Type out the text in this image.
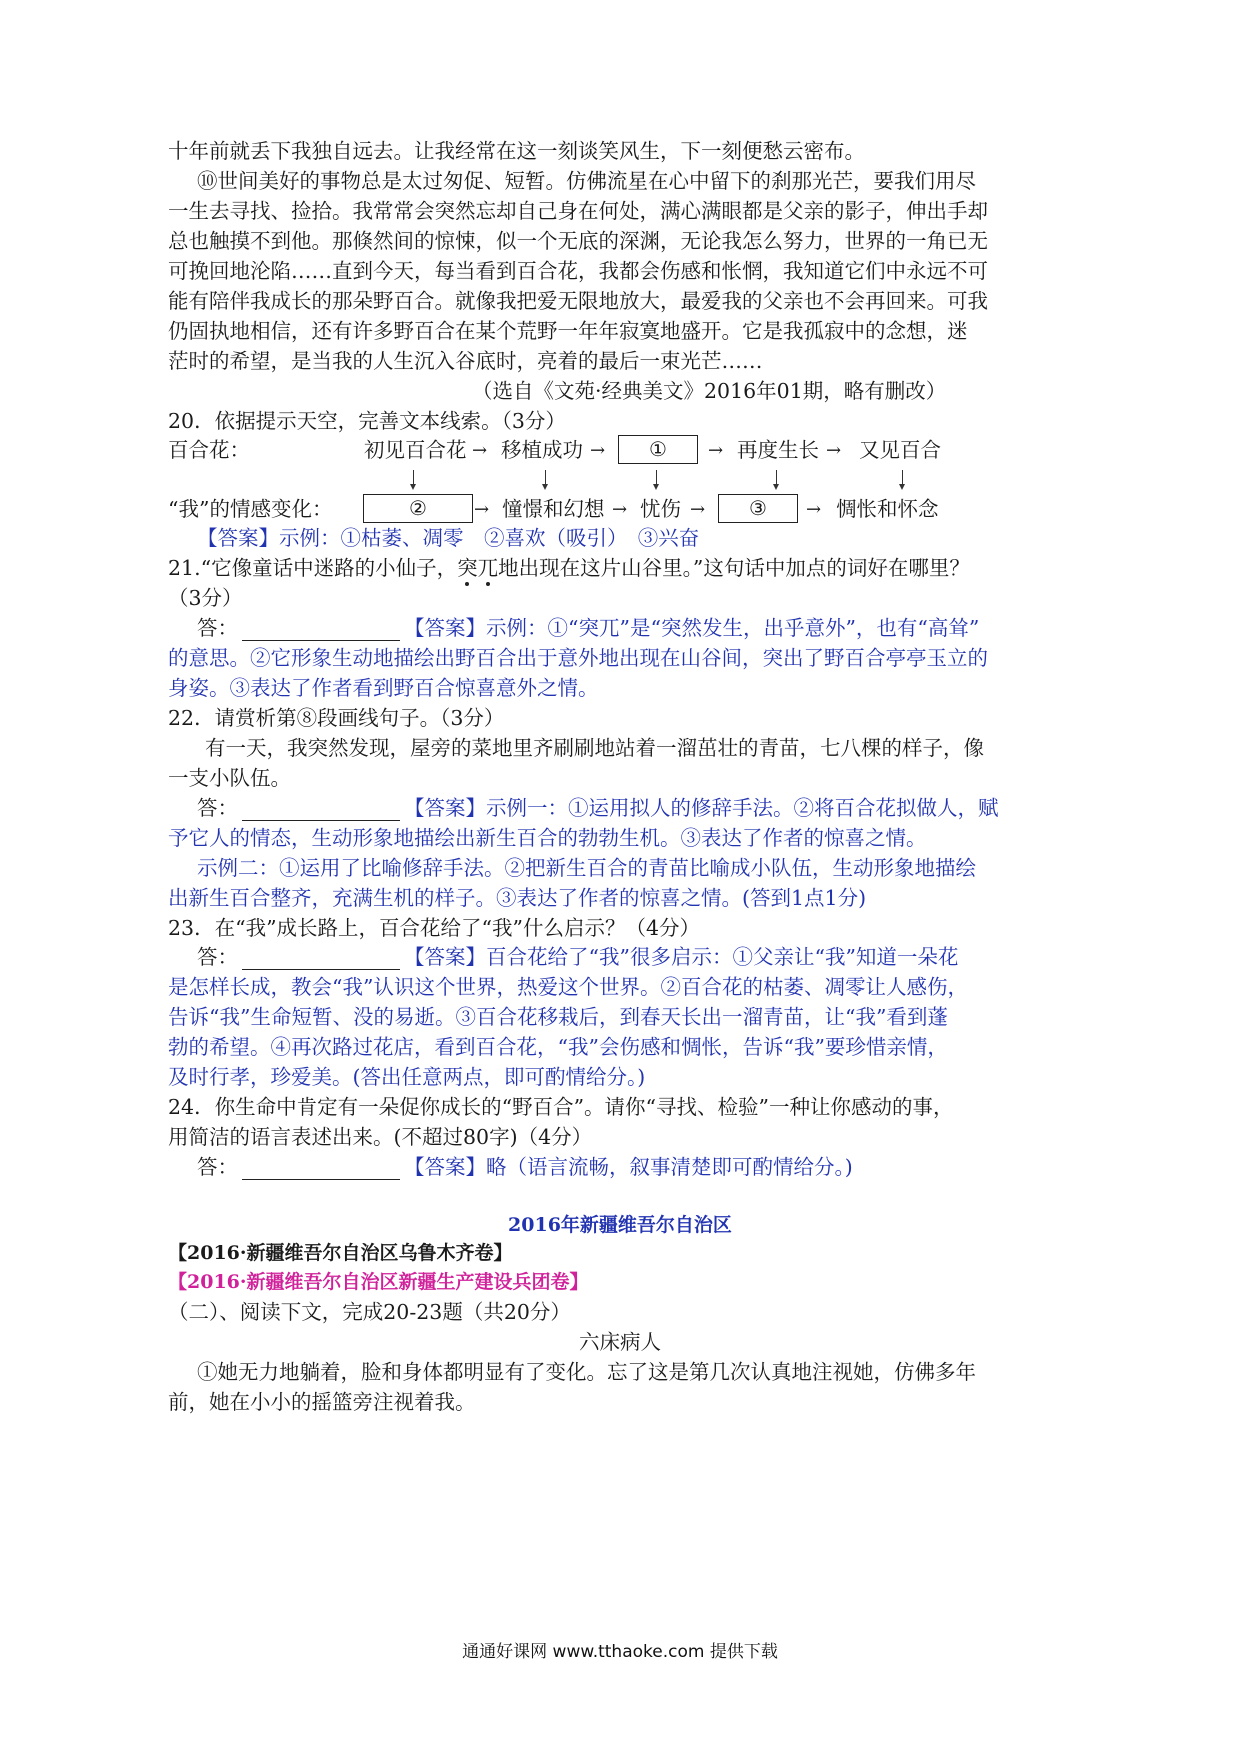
十年前就丢下我独自远去。让我经常在这一刻谈笑风生，下一刻便愁云密布。
⑩世间美好的事物总是太过匆促、短暂。仿佛流星在心中留下的刹那光芒，要我们用尽
一生去寻找、捡拾。我常常会突然忘却自己身在何处，满心满眼都是父亲的影子，伸出手却
总也触摸不到他。那倏然间的惊悚，似一个无底的深渊，无论我怎么努力，世界的一角已无
可挽回地沦陷……直到今天，每当看到百合花，我都会伤感和怅惘，我知道它们中永远不可
能有陪伴我成长的那朵野百合。就像我把爱无限地放大，最爱我的父亲也不会再回来。可我
仍固执地相信，还有许多野百合在某个荒野一年年寂寞地盛开。它是我孤寂中的念想，迷
茫时的希望，是当我的人生沉入谷底时，亮着的最后一束光芒……
（选自《文苑·经典美文》2016年01期，略有删改）
20．依据提示天空，完善文本线索。（3分）
百合花：	初见百合花 → 移植成功 →	①	→ 再度生长 → 又见百合
“我”的情感变化：	②	→ 憧憬和幻想 → 忧伤 →	③	→ 惆怅和怀念
【答案】示例：①枯萎、凋零　②喜欢（吸引）　③兴奋
21.“它像童话中迷路的小仙子，突兀
地出现在这片山谷里。”这句话中加点的词好在哪里？
（3分）
答：	【答案】示例：①“突兀”是“突然发生，出乎意外”，也有“高耸”
的意思。②它形象生动地描绘出野百合出于意外地出现在山谷间，突出了野百合亭亭玉立的
身姿。③表达了作者看到野百合惊喜意外之情。
22．请赏析第⑧段画线句子。（3分）
有一天，我突然发现，屋旁的菜地里齐刷刷地站着一溜茁壮的青苗，七八棵的样子，像
一支小队伍。
答：	【答案】示例一：①运用拟人的修辞手法。②将百合花拟做人，赋
予它人的情态，生动形象地描绘出新生百合的勃勃生机。③表达了作者的惊喜之情。
示例二：①运用了比喻修辞手法。②把新生百合的青苗比喻成小队伍，生动形象地描绘
出新生百合整齐，充满生机的样子。③表达了作者的惊喜之情。(答到1点1分)
23．在“我”成长路上，百合花给了“我”什么启示？（4分）
答：	【答案】百合花给了“我”很多启示：①父亲让“我”知道一朵花
是怎样长成，教会“我”认识这个世界，热爱这个世界。②百合花的枯萎、凋零让人感伤，
告诉“我”生命短暂、没的易逝。③百合花移栽后，到春天长出一溜青苗，让“我”看到蓬
勃的希望。④再次路过花店，看到百合花，“我”会伤感和惆怅，告诉“我”要珍惜亲情，
及时行孝，珍爱美。(答出任意两点，即可酌情给分。)
24．你生命中肯定有一朵促你成长的“野百合”。请你“寻找、检验”一种让你感动的事，
用简洁的语言表述出来。(不超过80字)（4分）
答：	【答案】略（语言流畅，叙事清楚即可酌情给分。)
2016年新疆维吾尔自治区
【2016·新疆维吾尔自治区乌鲁木齐卷】
【2016·新疆维吾尔自治区新疆生产建设兵团卷】
（二）、阅读下文，完成20-23题（共20分）
六床病人
①她无力地躺着，脸和身体都明显有了变化。忘了这是第几次认真地注视她，仿佛多年
前，她在小小的摇篮旁注视着我。
通通好课网 www.tthaoke.com 提供下载
